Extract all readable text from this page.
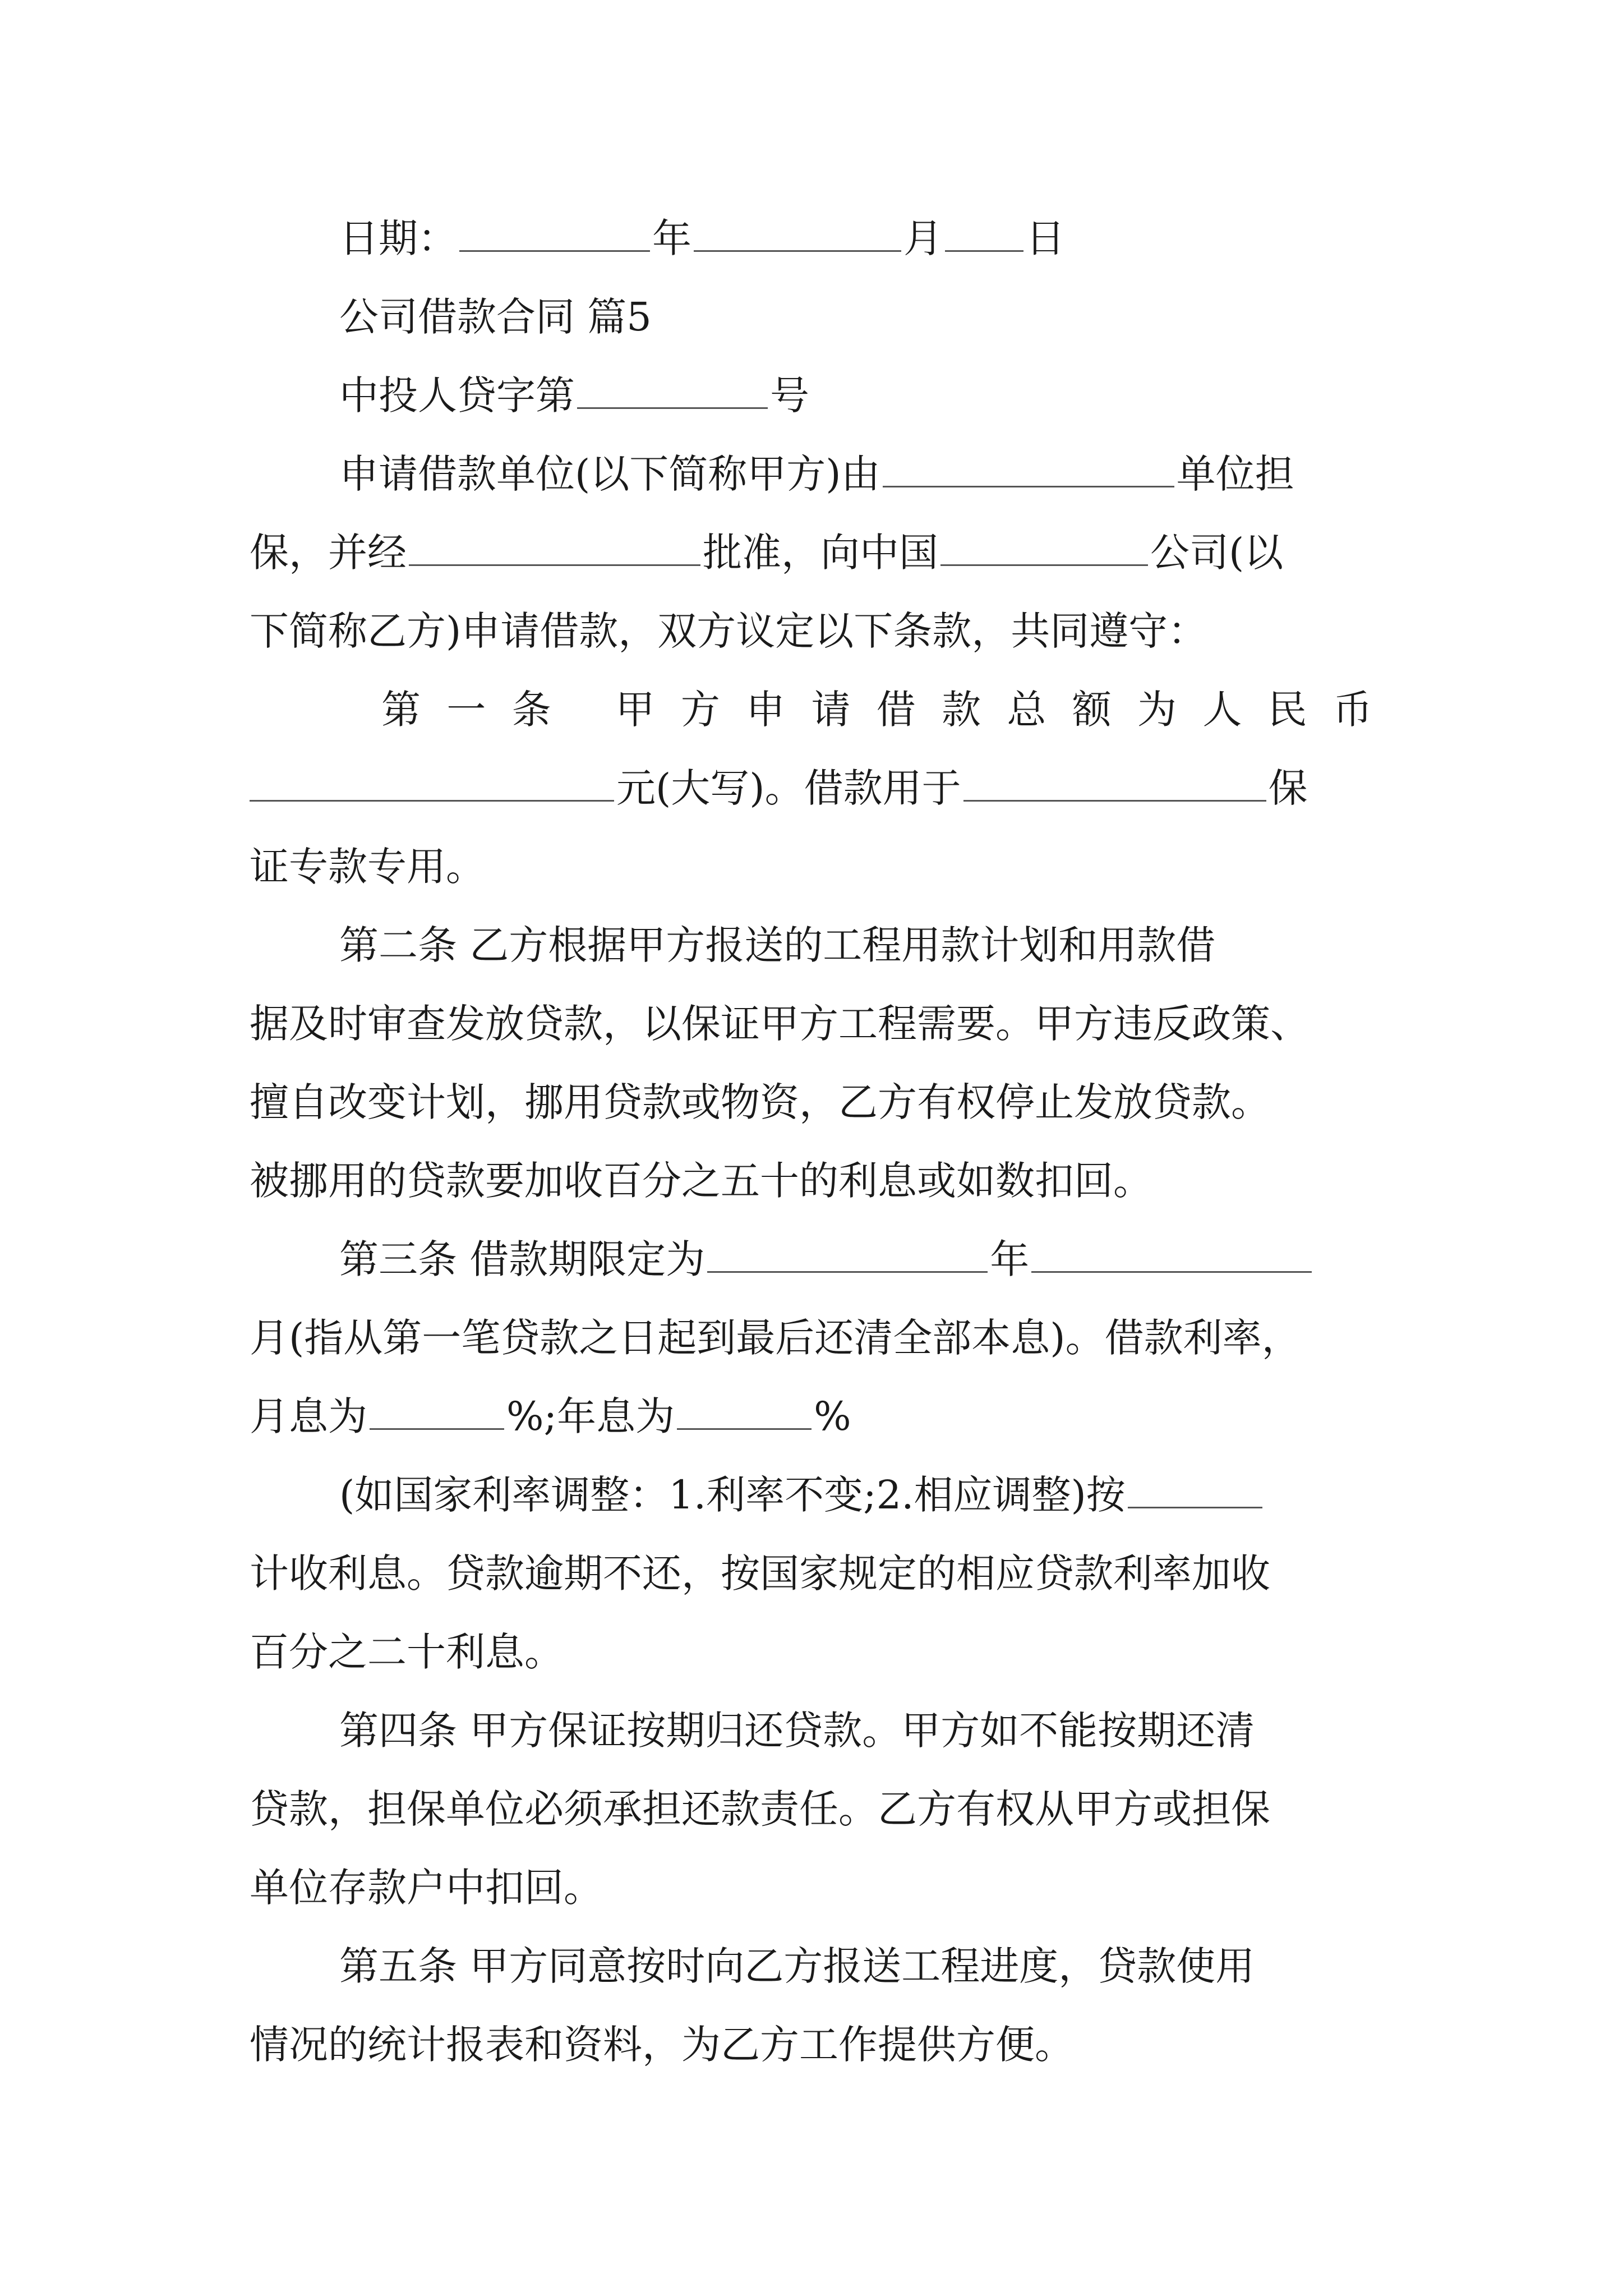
日期：	年	月 日
公司借款合同 篇5
中投人贷字第	号
申请借款单位(以下简称甲方)由	单位担
保，并经	批准，向中国	公司(以
下简称乙方)申请借款，双方议定以下条款，共同遵守：
第一条 甲方申请借款总额为人民币
元(大写)。借款用于	保
证专款专用。
第二条 乙方根据甲方报送的工程用款计划和用款借
据及时审查发放贷款，以保证甲方工程需要。甲方违反政策、
擅自改变计划，挪用贷款或物资，乙方有权停止发放贷款。
被挪用的贷款要加收百分之五十的利息或如数扣回。
第三条 借款期限定为	年
月(指从第一笔贷款之日起到最后还清全部本息)。借款利率，
月息为	%;年息为	%
(如国家利率调整：1.利率不变;2.相应调整)按
计收利息。贷款逾期不还，按国家规定的相应贷款利率加收
百分之二十利息。
第四条 甲方保证按期归还贷款。甲方如不能按期还清
贷款，担保单位必须承担还款责任。乙方有权从甲方或担保
单位存款户中扣回。
第五条 甲方同意按时向乙方报送工程进度，贷款使用
情况的统计报表和资料，为乙方工作提供方便。
